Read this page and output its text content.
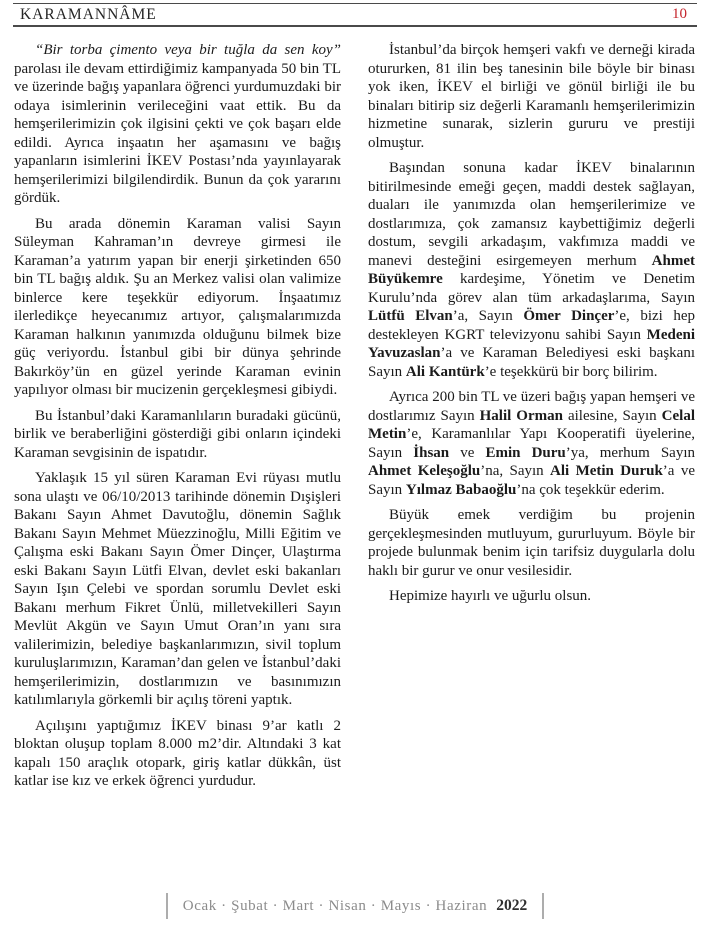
KARAMANNÂME	10

“Bir torba çimento veya bir tuğla da sen koy” parolası ile devam ettirdiğimiz kampanyada 50 bin TL ve üzerinde bağış yapanlara öğrenci yurdumuzdaki bir odaya isimlerinin verileceğini vaat ettik. Bu da hemşerilerimizin çok ilgisini çekti ve çok başarı elde edildi. Ayrıca inşaatın her aşamasını ve bağış yapanların isimlerini İKEV Postası’nda yayınlayarak hemşerilerimizi bilgilendirdik. Bunun da çok yararını gördük.

Bu arada dönemin Karaman valisi Sayın Süleyman Kahraman’ın devreye girmesi ile Karaman’a yatırım yapan bir enerji şirketinden 650 bin TL bağış aldık. Şu an Merkez valisi olan valimize binlerce kere teşekkür ediyorum. İnşaatımız ilerledikçe heyecanımız artıyor, çalışmalarımızda Karaman halkının yanımızda olduğunu bilmek bize güç veriyordu. İstanbul gibi bir dünya şehrinde Bakırköy’ün en güzel yerinde Karaman evinin yapılıyor olması bir mucizenin gerçekleşmesi gibiydi.

Bu İstanbul’daki Karamanlıların buradaki gücünü, birlik ve beraberliğini gösterdiği gibi onların içindeki Karaman sevgisinin de ispatıdır.

Yaklaşık 15 yıl süren Karaman Evi rüyası mutlu sona ulaştı ve 06/10/2013 tarihinde dönemin Dışişleri Bakanı Sayın Ahmet Davutoğlu, dönemin Sağlık Bakanı Sayın Mehmet Müezzinoğlu, Milli Eğitim ve Çalışma eski Bakanı Sayın Ömer Dinçer, Ulaştırma eski Bakanı Sayın Lütfi Elvan, devlet eski bakanları Sayın Işın Çelebi ve spordan sorumlu Devlet eski Bakanı merhum Fikret Ünlü, milletvekilleri Sayın Mevlüt Akgün ve Sayın Umut Oran’ın yanı sıra valilerimizin, belediye başkanlarımızın, sivil toplum kuruluşlarımızın, Karaman’dan gelen ve İstanbul’daki hemşerilerimizin, dostlarımızın ve basınımızın katılımlarıyla görkemli bir açılış töreni yaptık.

Açılışını yaptığımız İKEV binası 9’ar katlı 2 bloktan oluşup toplam 8.000 m2’dir. Altındaki 3 kat kapalı 150 araçlık otopark, giriş katlar dükkân, üst katlar ise kız ve erkek öğrenci yurdudur.

İstanbul’da birçok hemşeri vakfı ve derneği kirada otururken, 81 ilin beş tanesinin bile böyle bir binası yok iken, İKEV el birliği ve gönül birliği ile bu binaları bitirip siz değerli Karamanlı hemşerilerimizin hizmetine sunarak, sizlerin gururu ve prestiji olmuştur.

Başından sonuna kadar İKEV binalarının bitirilmesinde emeği geçen, maddi destek sağlayan, duaları ile yanımızda olan hemşerilerimize ve dostlarımıza, çok zamansız kaybettiğimiz değerli dostum, sevgili arkadaşım, vakfımıza maddi ve manevi desteğini esirgemeyen merhum Ahmet Büyükemre kardeşime, Yönetim ve Denetim Kurulu’nda görev alan tüm arkadaşlarıma, Sayın Lütfü Elvan’a, Sayın Ömer Dinçer’e, bizi hep destekleyen KGRT televizyonu sahibi Sayın Medeni Yavuzaslan’a ve Karaman Belediyesi eski başkanı Sayın Ali Kantürk’e teşekkürü bir borç bilirim.

Ayrıca 200 bin TL ve üzeri bağış yapan hemşeri ve dostlarımız Sayın Halil Orman ailesine, Sayın Celal Metin’e, Karamanlılar Yapı Kooperatifi üyelerine, Sayın İhsan ve Emin Duru’ya, merhum Sayın Ahmet Keleşoğlu’na, Sayın Ali Metin Duruk’a ve Sayın Yılmaz Babaoğlu’na çok teşekkür ederim.

Büyük emek verdiğim bu projenin gerçekleşmesinden mutluyum, gururluyum. Böyle bir projede bulunmak benim için tarifsiz duygularla dolu haklı bir gurur ve onur vesilesidir.

Hepimize hayırlı ve uğurlu olsun.

Ocak · Şubat · Mart · Nisan · Mayıs · Haziran 2022
